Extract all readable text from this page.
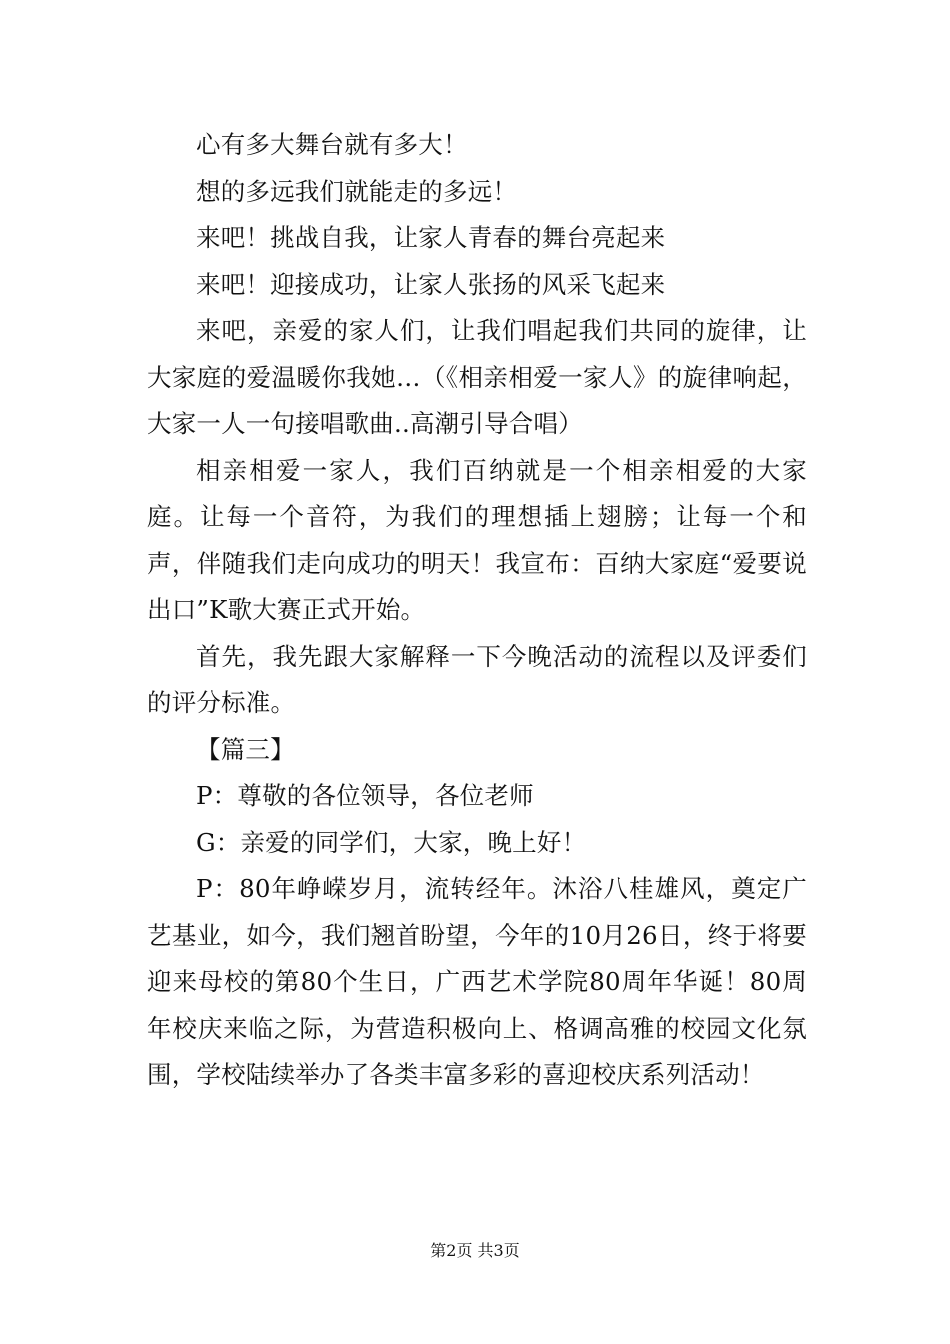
心有多大舞台就有多大！

想的多远我们就能走的多远！

来吧！挑战自我，让家人青春的舞台亮起来

来吧！迎接成功，让家人张扬的风采飞起来

来吧，亲爱的家人们，让我们唱起我们共同的旋律，让大家庭的爱温暖你我她…（《相亲相爱一家人》的旋律响起，大家一人一句接唱歌曲..高潮引导合唱）

相亲相爱一家人，我们百纳就是一个相亲相爱的大家庭。让每一个音符，为我们的理想插上翅膀；让每一个和声，伴随我们走向成功的明天！我宣布：百纳大家庭“爱要说出口”K歌大赛正式开始。

首先，我先跟大家解释一下今晚活动的流程以及评委们的评分标准。

【篇三】

P：尊敬的各位领导，各位老师

G：亲爱的同学们，大家，晚上好！

P：80年峥嵘岁月，流转经年。沐浴八桂雄风，奠定广艺基业，如今，我们翘首盼望，今年的10月26日，终于将要迎来母校的第80个生日，广西艺术学院80周年华诞！80周年校庆来临之际，为营造积极向上、格调高雅的校园文化氛围，学校陆续举办了各类丰富多彩的喜迎校庆系列活动！

第2页 共3页
